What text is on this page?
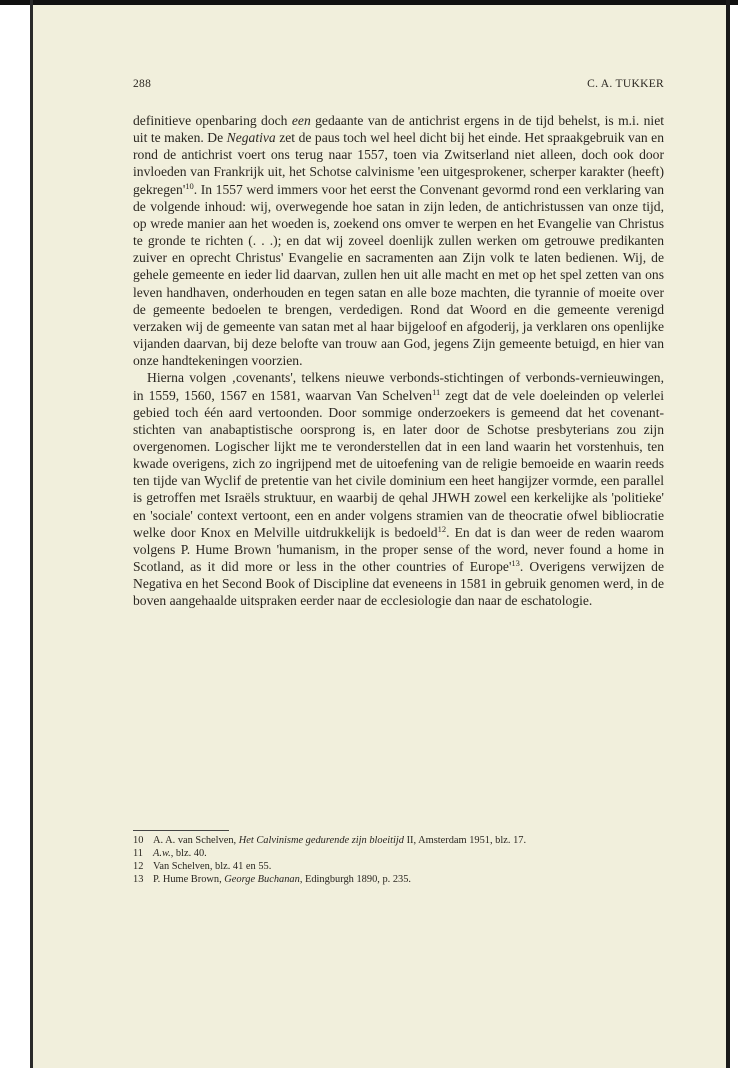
288	C. A. TUKKER

definitieve openbaring doch een gedaante van de antichrist ergens in de tijd behelst, is m.i. niet uit te maken. De Negativa zet de paus toch wel heel dicht bij het einde. Het spraakgebruik van en rond de antichrist voert ons terug naar 1557, toen via Zwitserland niet alleen, doch ook door invloeden van Frankrijk uit, het Schotse calvinisme 'een uitgesprokener, scherper karakter (heeft) $gekregen'^{10}$. In 1557 werd immers voor het eerst the Convenant gevormd rond een verklaring van de volgende inhoud: wij, overwegende hoe satan in zijn leden, de antichristussen van onze tijd, op wrede manier aan het woeden is, zoekend ons omver te werpen en het Evangelie van Christus te gronde te richten (. . .); en dat wij zoveel doenlijk zullen werken om getrouwe predikanten zuiver en oprecht Christus' Evangelie en sacramenten aan Zijn volk te laten bedienen. Wij, de gehele gemeente en ieder lid daarvan, zullen hen uit alle macht en met op het spel zetten van ons leven handhaven, onderhouden en tegen satan en alle boze machten, die tyrannie of moeite over de gemeente bedoelen te brengen, verdedigen. Rond dat Woord en die gemeente verenigd verzaken wij de gemeente van satan met al haar bijgeloof en afgoderij, ja verklaren ons openlijke vijanden daarvan, bij deze belofte van trouw aan God, jegens Zijn gemeente betuigd, en hier van onze handtekeningen voorzien.

Hierna volgen ‚covenants', telkens nieuwe verbonds-stichtingen of verbonds-vernieuwingen, in 1559, 1560, 1567 en 1581, waarvan Van Schelven$^{11}$ zegt dat de vele doeleinden op velerlei gebied toch één aard vertoonden. Door sommige onderzoekers is gemeend dat het covenant-stichten van anabaptistische oorsprong is, en later door de Schotse presbyterians zou zijn overgenomen. Logischer lijkt me te veronderstellen dat in een land waarin het vorstenhuis, ten kwade overigens, zich zo ingrijpend met de uitoefening van de religie bemoeide en waarin reeds ten tijde van Wyclif de pretentie van het civile dominium een heet hangijzer vormde, een parallel is getroffen met Israëls struktuur, en waarbij de qehal JHWH zowel een kerkelijke als 'politieke' en 'sociale' context vertoont, een en ander volgens stramien van de theocratie ofwel bibliocratie welke door Knox en Melville uitdrukkelijk is bedoeld$^{12}$. En dat is dan weer de reden waarom volgens P. Hume Brown 'humanism, in the proper sense of the word, never found a home in Scotland, as it did more or less in the other countries of $Europe'^{13}$. Overigens verwijzen de Negativa en het Second Book of Discipline dat eveneens in 1581 in gebruik genomen werd, in de boven aangehaalde uitspraken eerder naar de ecclesiologie dan naar de eschatologie.

10 A. A. van Schelven, Het Calvinisme gedurende zijn bloeitijd II, Amsterdam 1951, blz. 17.
11 A.w., blz. 40.
12 Van Schelven, blz. 41 en 55.
13 P. Hume Brown, George Buchanan, Edingburgh 1890, p. 235.
